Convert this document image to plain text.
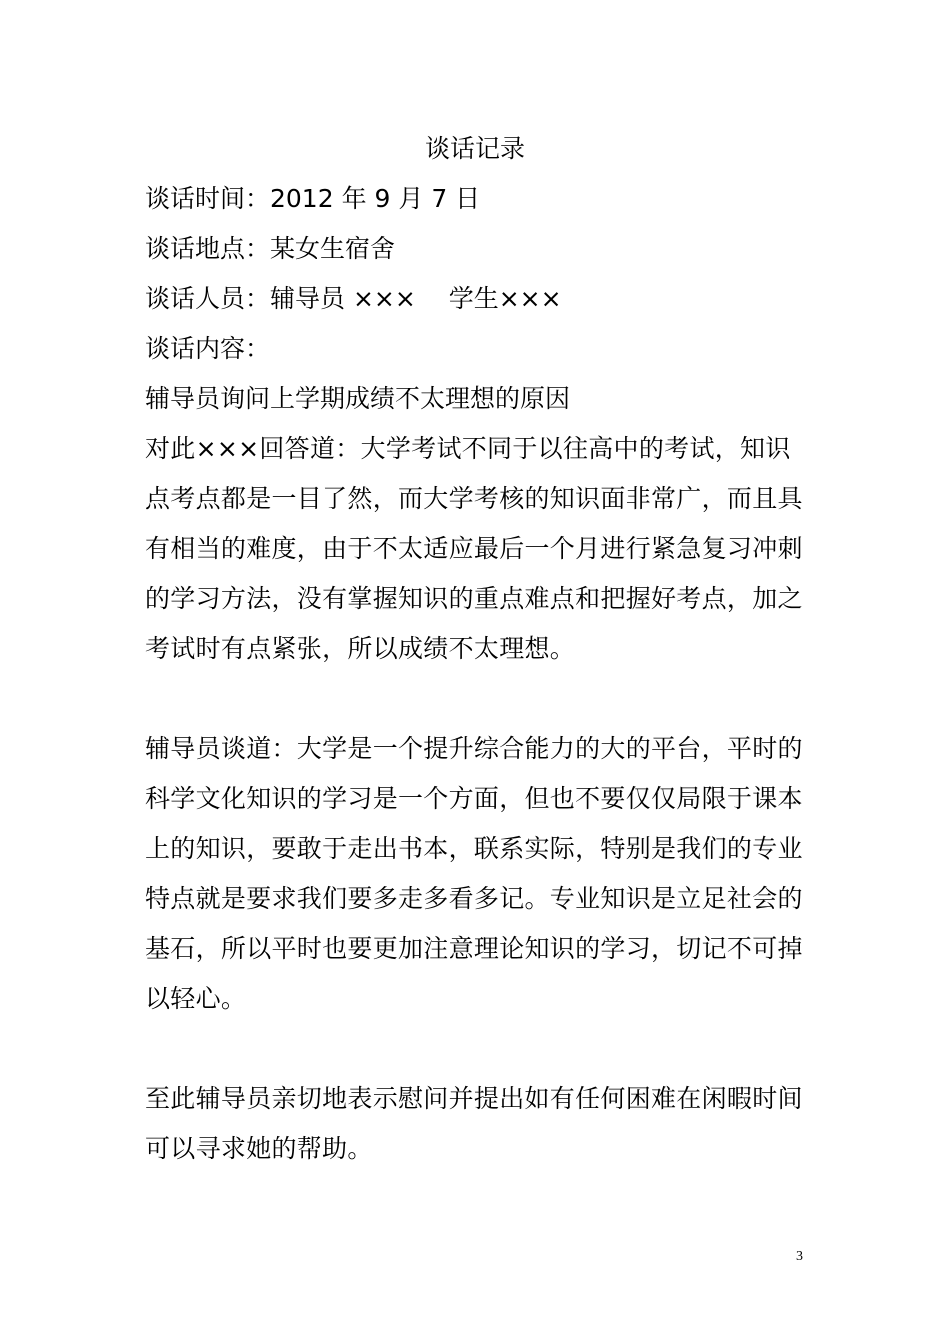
谈话记录
谈话时间：2012 年 9 月 7 日
谈话地点：某女生宿舍
谈话人员：辅导员 ×××　 学生×××
谈话内容：
辅导员询问上学期成绩不太理想的原因
对此×××回答道：大学考试不同于以往高中的考试，知识点考点都是一目了然，而大学考核的知识面非常广，而且具有相当的难度，由于不太适应最后一个月进行紧急复习冲刺的学习方法，没有掌握知识的重点难点和把握好考点，加之考试时有点紧张，所以成绩不太理想。
辅导员谈道：大学是一个提升综合能力的大的平台，平时的科学文化知识的学习是一个方面，但也不要仅仅局限于课本上的知识，要敢于走出书本，联系实际，特别是我们的专业特点就是要求我们要多走多看多记。专业知识是立足社会的基石，所以平时也要更加注意理论知识的学习，切记不可掉以轻心。
至此辅导员亲切地表示慰问并提出如有任何困难在闲暇时间可以寻求她的帮助。
3
